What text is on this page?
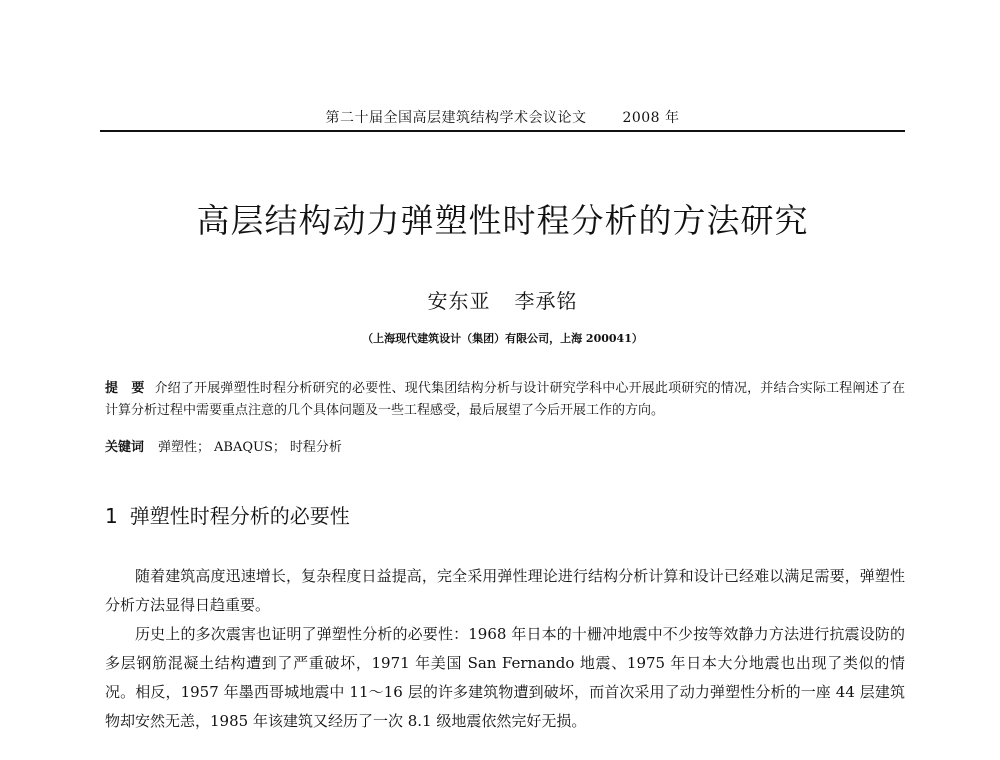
第二十届全国高层建筑结构学术会议论文	2008 年
高层结构动力弹塑性时程分析的方法研究
安东亚 李承铭
（上海现代建筑设计（集团）有限公司，上海 200041）
提　要 介绍了开展弹塑性时程分析研究的必要性、现代集团结构分析与设计研究学科中心开展此项研究的情况，并结合实际工程阐述了在计算分析过程中需要重点注意的几个具体问题及一些工程感受，最后展望了今后开展工作的方向。
关键词 弹塑性； ABAQUS； 时程分析
1 弹塑性时程分析的必要性

随着建筑高度迅速增长，复杂程度日益提高，完全采用弹性理论进行结构分析计算和设计已经难以满足需要，弹塑性分析方法显得日趋重要。

历史上的多次震害也证明了弹塑性分析的必要性：1968 年日本的十栅冲地震中不少按等效静力方法进行抗震设防的多层钢筋混凝土结构遭到了严重破坏，1971 年美国 San Fernando 地震、1975 年日本大分地震也出现了类似的情况。相反，1957 年墨西哥城地震中 11～16 层的许多建筑物遭到破坏，而首次采用了动力弹塑性分析的一座 44 层建筑物却安然无恙，1985 年该建筑又经历了一次 8.1 级地震依然完好无损。
